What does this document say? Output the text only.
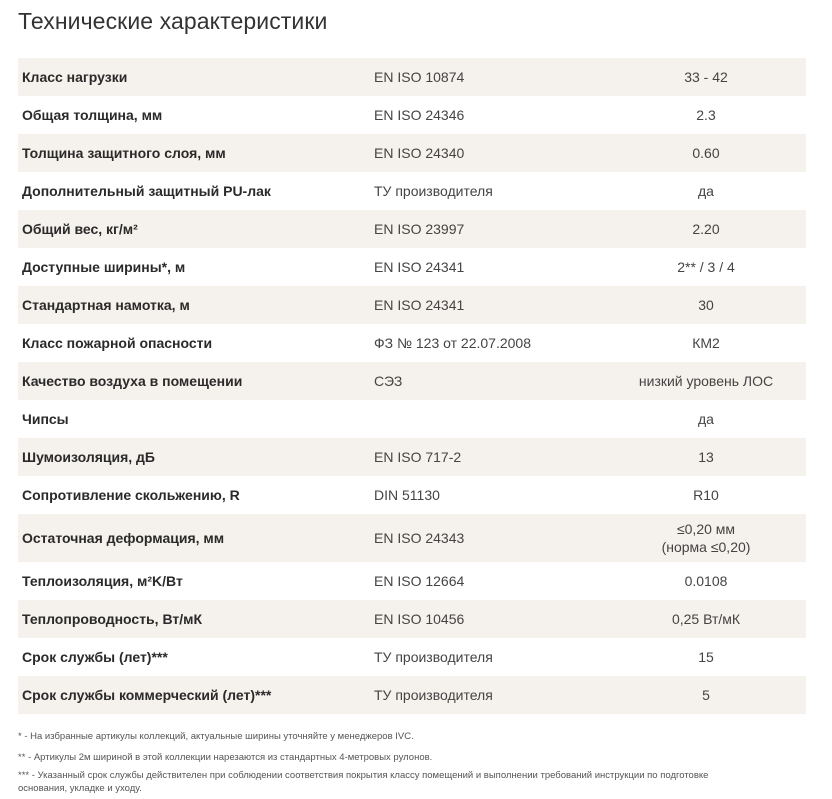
Технические характеристики
Класс нагрузки	EN ISO 10874	33 - 42
Общая толщина, мм	EN ISO 24346	2.3
Толщина защитного слоя, мм	EN ISO 24340	0.60
Дополнительный защитный PU-лак	ТУ производителя	да
Общий вес, кг/м²	EN ISO 23997	2.20
Доступные ширины*, м	EN ISO 24341	2** / 3 / 4
Стандартная намотка, м	EN ISO 24341	30
Класс пожарной опасности	ФЗ № 123 от 22.07.2008	КМ2
Качество воздуха в помещении	СЭЗ	низкий уровень ЛОС
Чипсы		да
Шумоизоляция, дБ	EN ISO 717-2	13
Сопротивление скольжению, R	DIN 51130	R10
Остаточная деформация, мм	EN ISO 24343	≤0,20 мм
(норма ≤0,20)

Теплоизоляция, м²K/Вт	EN ISO 12664	0.0108
Теплопроводность, Вт/мК	EN ISO 10456	0,25 Вт/мК
Срок службы (лет)***	ТУ производителя	15
Срок службы коммерческий (лет)***	ТУ производителя	5

* - На избранные артикулы коллекций, актуальные ширины уточняйте у менеджеров IVC.

** - Артикулы 2м шириной в этой коллекции нарезаются из стандартных 4-метровых рулонов.

*** - Указанный срок службы действителен при соблюдении соответствия покрытия классу помещений и выполнении требований инструкции по подготовке основания, укладке и уходу.
